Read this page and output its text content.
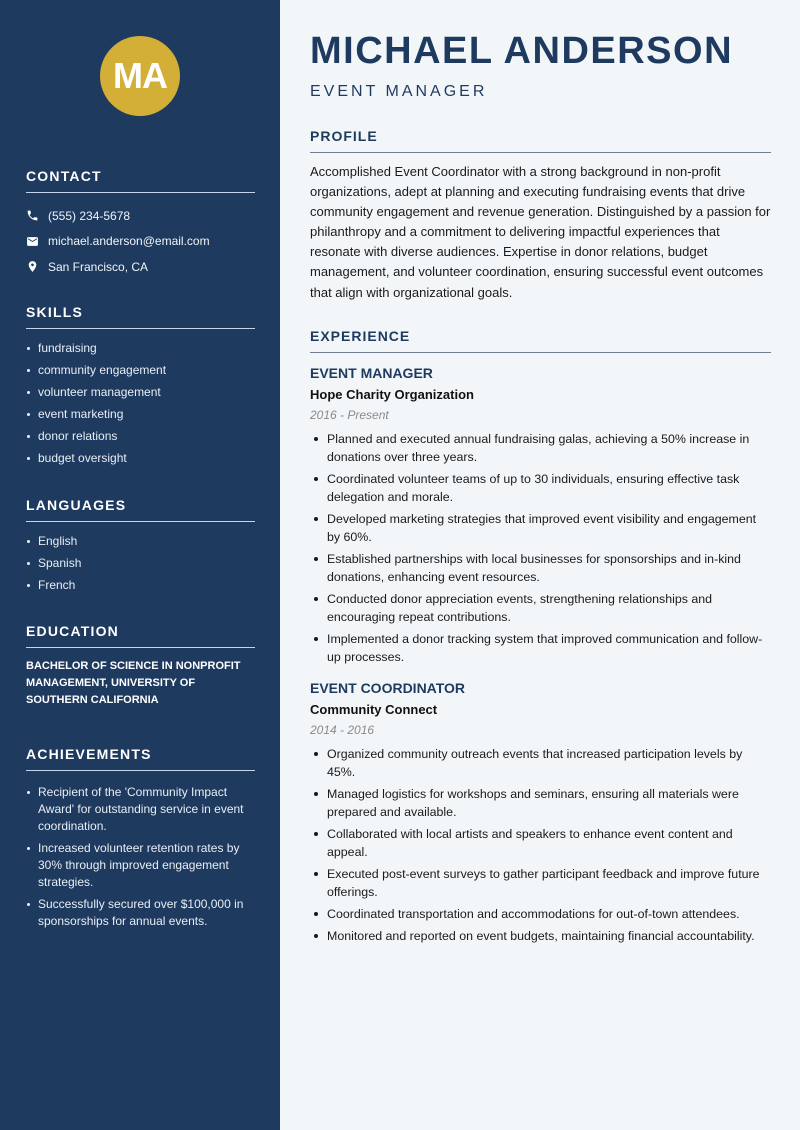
MA
CONTACT
(555) 234-5678
michael.anderson@email.com
San Francisco, CA
SKILLS
fundraising
community engagement
volunteer management
event marketing
donor relations
budget oversight
LANGUAGES
English
Spanish
French
EDUCATION
BACHELOR OF SCIENCE IN NONPROFIT MANAGEMENT, UNIVERSITY OF SOUTHERN CALIFORNIA
ACHIEVEMENTS
Recipient of the 'Community Impact Award' for outstanding service in event coordination.
Increased volunteer retention rates by 30% through improved engagement strategies.
Successfully secured over $100,000 in sponsorships for annual events.
MICHAEL ANDERSON
EVENT MANAGER
PROFILE

Accomplished Event Coordinator with a strong background in non-profit organizations, adept at planning and executing fundraising events that drive community engagement and revenue generation. Distinguished by a passion for philanthropy and a commitment to delivering impactful experiences that resonate with diverse audiences. Expertise in donor relations, budget management, and volunteer coordination, ensuring successful event outcomes that align with organizational goals.

EXPERIENCE
EVENT MANAGER
Hope Charity Organization
2016 - Present
Planned and executed annual fundraising galas, achieving a 50% increase in donations over three years.
Coordinated volunteer teams of up to 30 individuals, ensuring effective task delegation and morale.
Developed marketing strategies that improved event visibility and engagement by 60%.
Established partnerships with local businesses for sponsorships and in-kind donations, enhancing event resources.
Conducted donor appreciation events, strengthening relationships and encouraging repeat contributions.
Implemented a donor tracking system that improved communication and follow-up processes.
EVENT COORDINATOR
Community Connect
2014 - 2016
Organized community outreach events that increased participation levels by 45%.
Managed logistics for workshops and seminars, ensuring all materials were prepared and available.
Collaborated with local artists and speakers to enhance event content and appeal.
Executed post-event surveys to gather participant feedback and improve future offerings.
Coordinated transportation and accommodations for out-of-town attendees.
Monitored and reported on event budgets, maintaining financial accountability.
